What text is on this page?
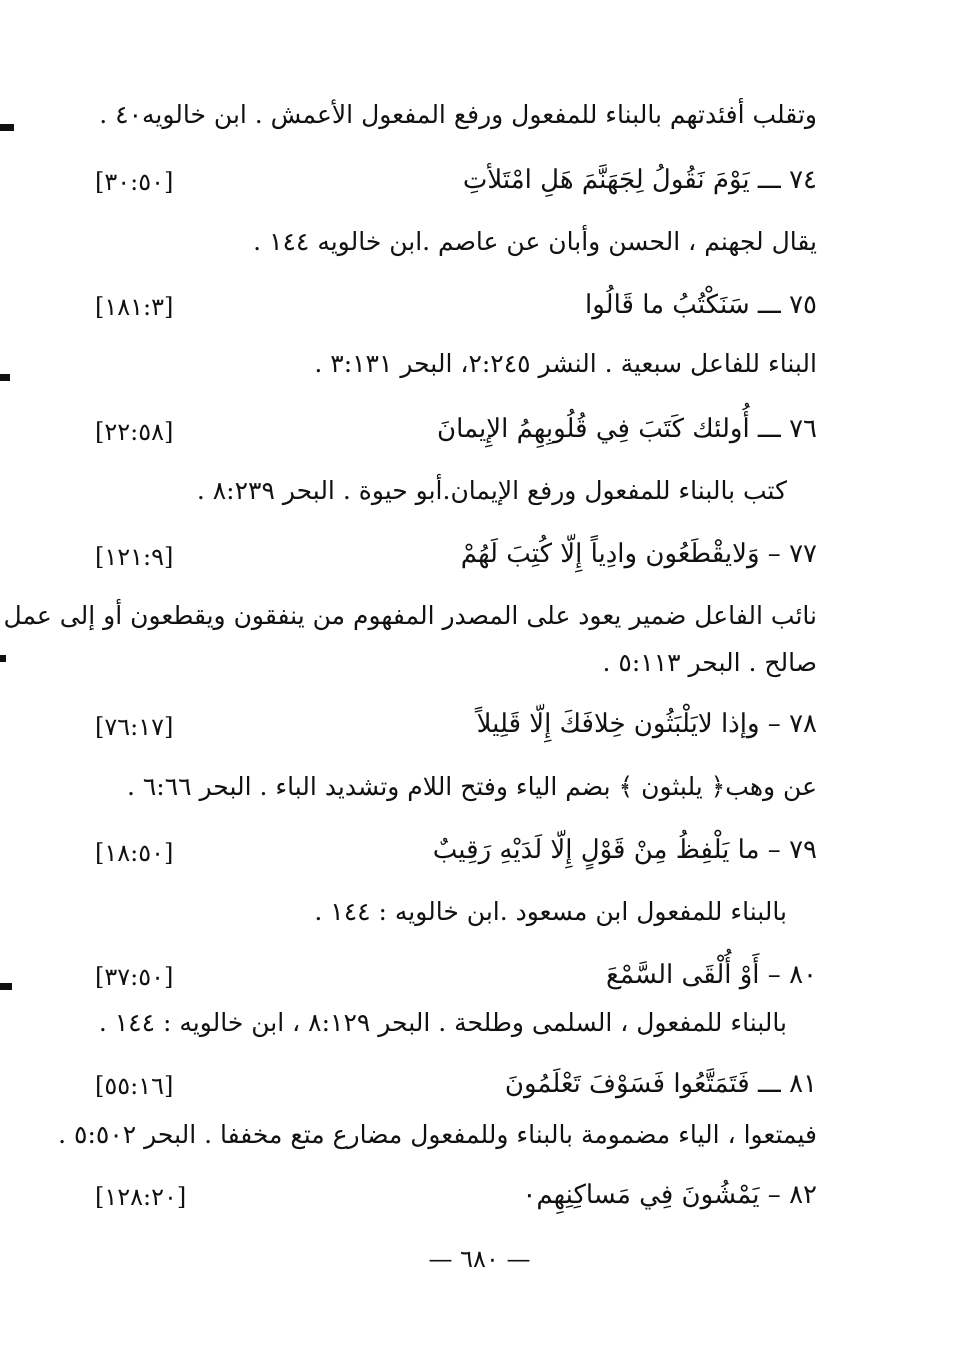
وتقلب أفئدتهم بالبناء للمفعول ورفع المفعول الأعمش . ابن خالويه٤٠ .
٧٤ ـــ يَوْمَ نَقُولُ لِجَهَنَّمَ هَلِ امْتَلأتِ
[٣٠:٥٠]
يقال لجهنم ، الحسن وأبان عن عاصم .ابن خالويه ١٤٤ .
٧٥ ـــ سَنَكْتُبُ ما قَالُوا
[١٨١:٣]
البناء للفاعل سبعية . النشر ٢:٢٤٥، البحر ٣:١٣١ .
٧٦ ـــ أُولئك كَتَبَ فِي قُلُوبِهِمُ الإِيمانَ
[٢٢:٥٨]
كتب بالبناء للمفعول ورفع الإيمان.أبو حيوة . البحر ٨:٢٣٩ .
٧٧ – وَلايقْطَعُون وادِياً إِلّا كُتِبَ لَهُمْ
[١٢١:٩]
نائب الفاعل ضمير يعود على المصدر المفهوم من ينفقون ويقطعون أو إلى عمل
صالح . البحر ٥:١١٣ .
٧٨ – وإذا لايَلْبَثُون خِلافَكَ إِلّا قَلِيلاً
[٧٦:١٧]
عن وهب﴿ يلبثون ﴾ بضم الياء وفتح اللام وتشديد الباء . البحر ٦:٦٦ .
٧٩ – ما يَلْفِظُ مِنْ قَوْلٍ إِلّا لَدَيْهِ رَقِيبٌ
[١٨:٥٠]
بالبناء للمفعول ابن مسعود .ابن خالويه : ١٤٤ .
٨٠ – أَوْ أُلْقَى السَّمْعَ
[٣٧:٥٠]
بالبناء للمفعول ، السلمى وطلحة . البحر ٨:١٢٩ ، ابن خالويه : ١٤٤ .
٨١ ـــ فَتَمَتَّعُوا فَسَوْفَ تَعْلَمُونَ
[٥٥:١٦]
فيمتعوا ، الياء مضمومة بالبناء وللمفعول مضارع متع مخففا . البحر ٥:٥٠٢ .
٨٢ – يَمْشُونَ فِي مَساكِنِهِم٠
[١٢٨:٢٠]
— ٦٨٠ —
